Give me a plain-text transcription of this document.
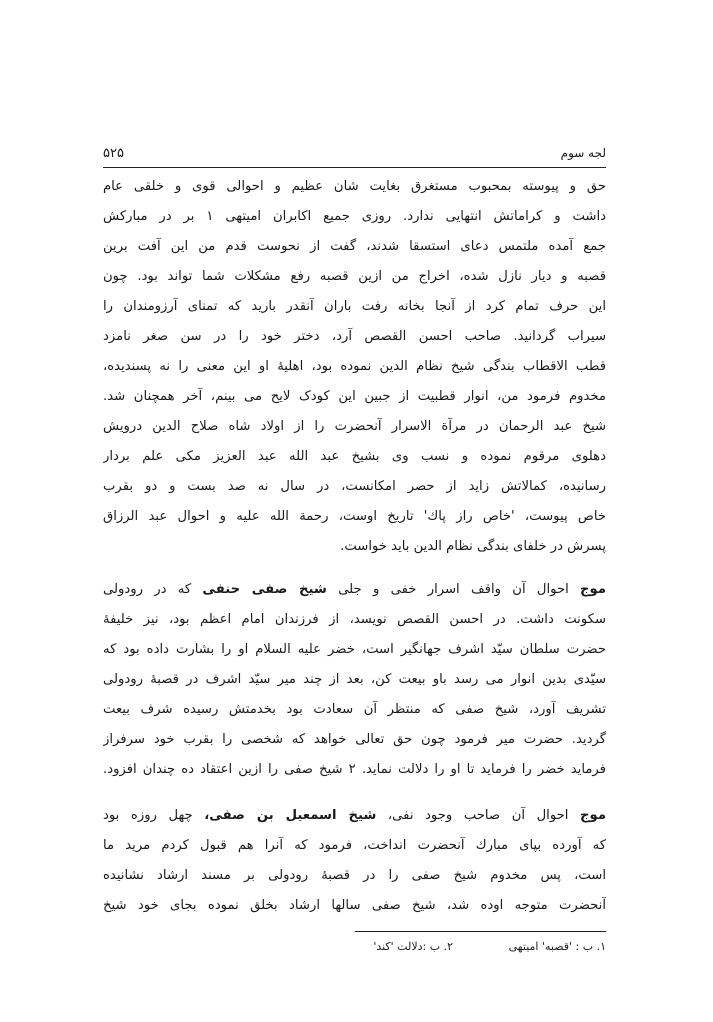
۵۲۵	لجه سوم
حق و پیوسته بمحبوب مستغرق بغایت شان عظیم و احوالی قوی و خلقی عام
داشت و کراماتش انتهایی ندارد. روزی جمیع اکابران امیتهی ۱ بر در مبارکش
جمع آمده ملتمس دعای استسقا شدند، گفت از نحوست قدم من این آفت برین
قصبه و دیار نازل شده، اخراج من ازین قصبه رفع مشکلات شما تواند بود. چون
این حرف تمام کرد از آنجا بخانه رفت باران آنقدر بارید که تمنای آرزومندان را
سیراب گردانید. صاحب احسن القصص آرد، دختر خود را در سن صغر نامزد
قطب الاقطاب بندگی شیخ نظام الدین نموده بود، اهلیهٔ او این معنی را نه پسندیده،
مخدوم فرمود من، انوار قطبیت از جبین این کودک لایح می بینم، آخر همچنان شد.
شیخ عبد الرحمان در مرآة الاسرار آنحضرت را از اولاد شاه صلاح الدین درویش
دهلوی مرقوم نموده و نسب وی بشیخ عبد الله عبد العزیز مکی علم بردار
رسانیده، کمالاتش زاید از حصر امکانست، در سال نه صد بست و دو بقرب
خاص پیوست، 'خاص راز پاك' تاریخ اوست، رحمة الله علیه و احوال عبد الرزاق
پسرش در خلفای بندگی نظام الدین باید خواست.
موج احوال آن واقف اسرار خفی و جلی شیخ صفی حنفی که در رودولی
سکونت داشت. در احسن القصص نویسد، از فرزندان امام اعظم بود، نیز خلیفهٔ
حضرت سلطان سیّد اشرف جهانگیر است، خضر علیه السلام او را بشارت داده بود که
سیّدی بدین انوار می رسد باو بیعت کن، بعد از چند میر سیّد اشرف در قصبهٔ رودولی
تشریف آورد، شیخ صفی که منتظر آن سعادت بود بخدمتش رسیده شرف بیعت
گردید. حضرت میر فرمود چون حق تعالی خواهد که شخصی را بقرب خود سرفراز
فرماید خضر را فرماید تا او را دلالت نماید. ۲ شیخ صفی را ازین اعتقاد ده چندان افزود.
موج احوال آن صاحب وجود نفی، شیخ اسمعیل بن صفی، چهل روزه بود
که آورده بپای مبارك آنحضرت انداخت، فرمود که آنرا هم قبول کردم مرید ما
است، پس مخدوم شیخ صفی را در قصبهٔ رودولی بر مسند ارشاد نشانیده
آنحضرت متوجه اوده شد، شیخ صفی سالها ارشاد بخلق نموده بجای خود شیخ
۱. ب : 'قصبه' امیتهی
۲. ب :دلالت 'کند'
